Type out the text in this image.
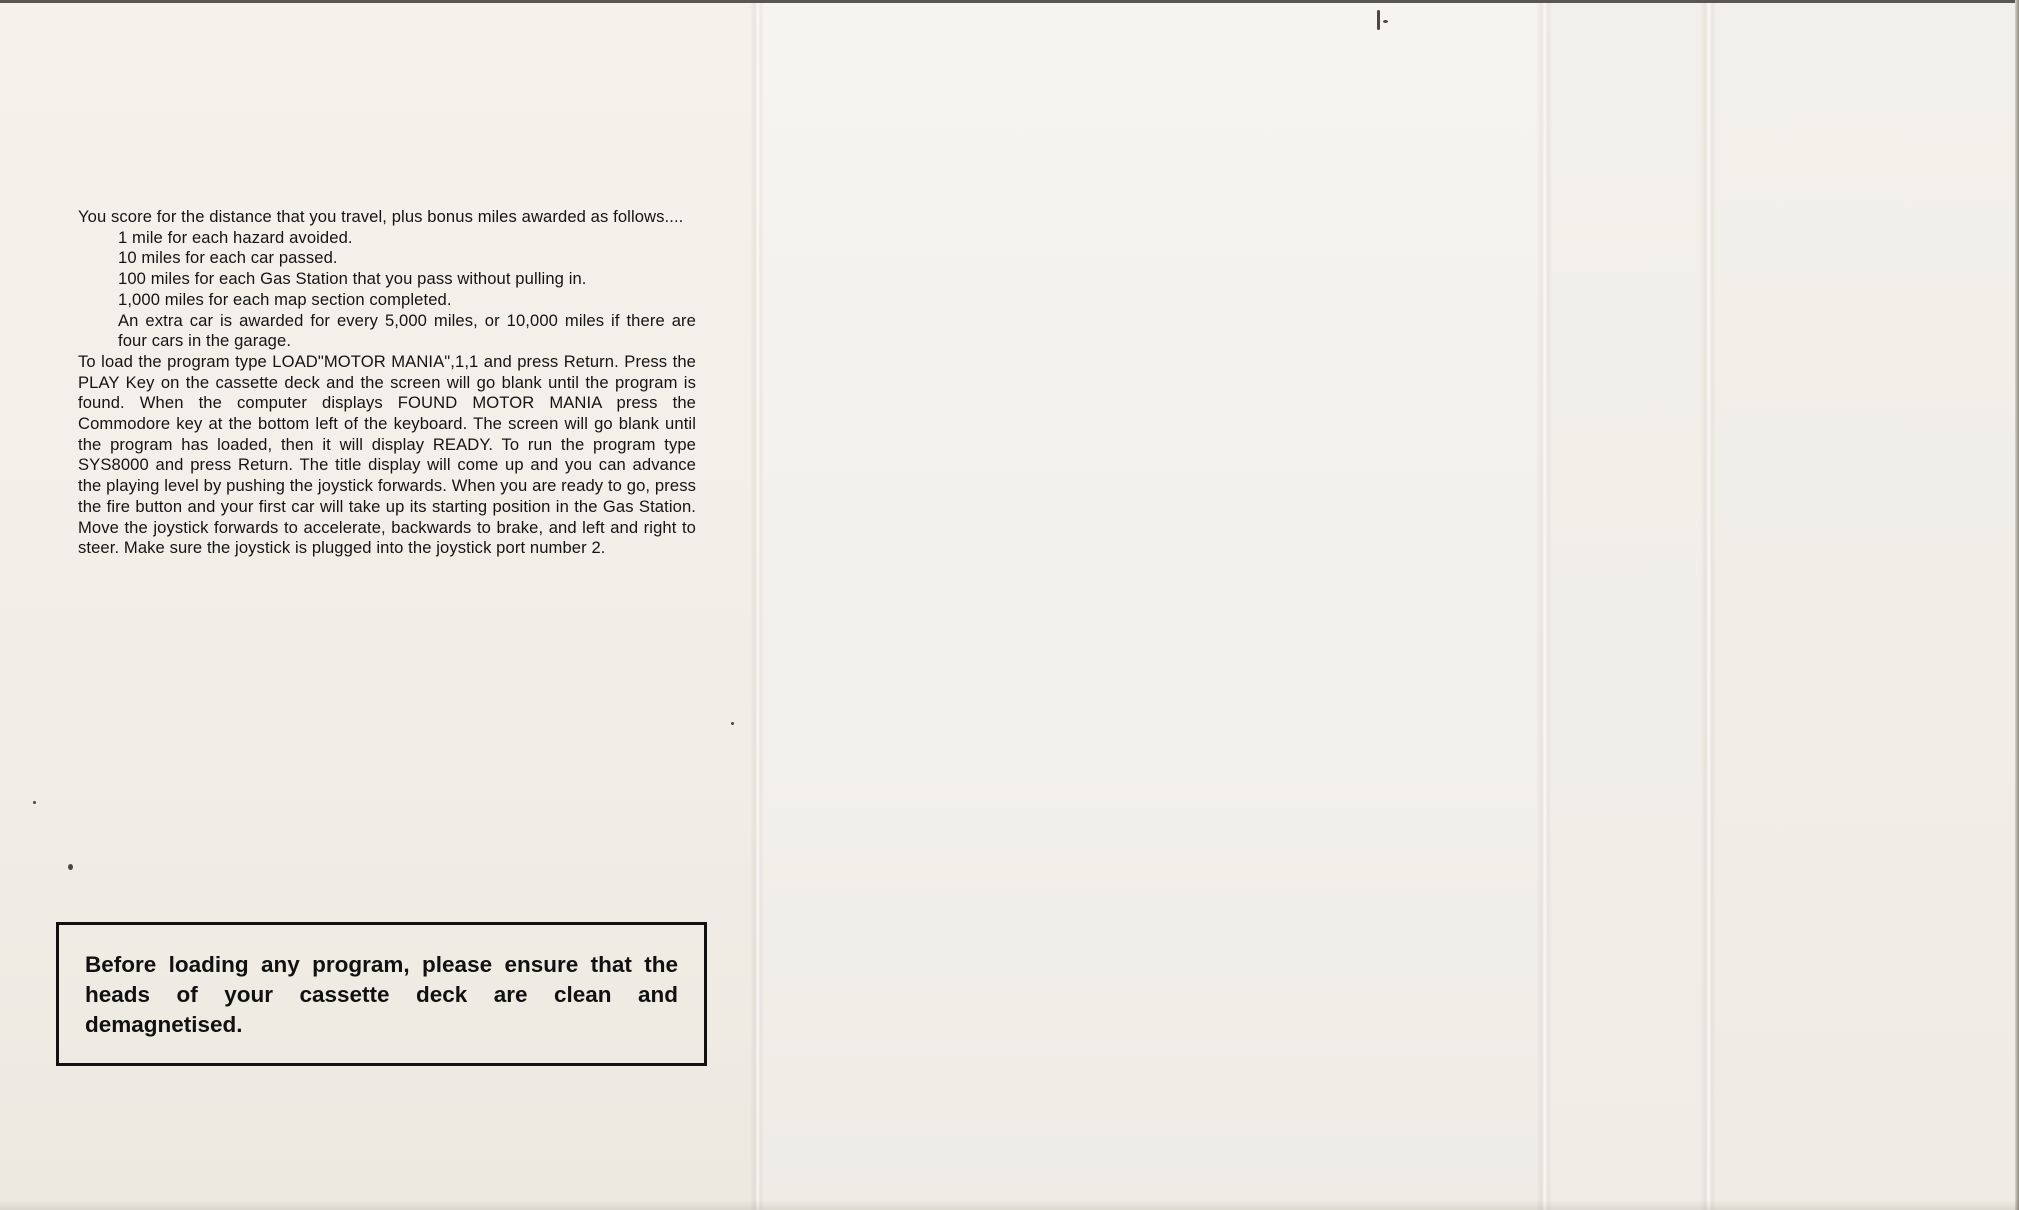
You score for the distance that you travel, plus bonus miles awarded as follows....

1 mile for each hazard avoided.
10 miles for each car passed.
100 miles for each Gas Station that you pass without pulling in.
1,000 miles for each map section completed.
An extra car is awarded for every 5,000 miles, or 10,000 miles if there are four cars in the garage.

To load the program type LOAD"MOTOR MANIA",1,1 and press Return. Press the PLAY Key on the cassette deck and the screen will go blank until the program is found. When the computer displays FOUND MOTOR MANIA press the Commodore key at the bottom left of the keyboard. The screen will go blank until the program has loaded, then it will display READY. To run the program type SYS8000 and press Return. The title display will come up and you can advance the playing level by pushing the joystick forwards. When you are ready to go, press the fire button and your first car will take up its starting position in the Gas Station. Move the joystick forwards to accelerate, backwards to brake, and left and right to steer. Make sure the joystick is plugged into the joystick port number 2.

Before loading any program, please ensure that the heads of your cassette deck are clean and demagnetised.
